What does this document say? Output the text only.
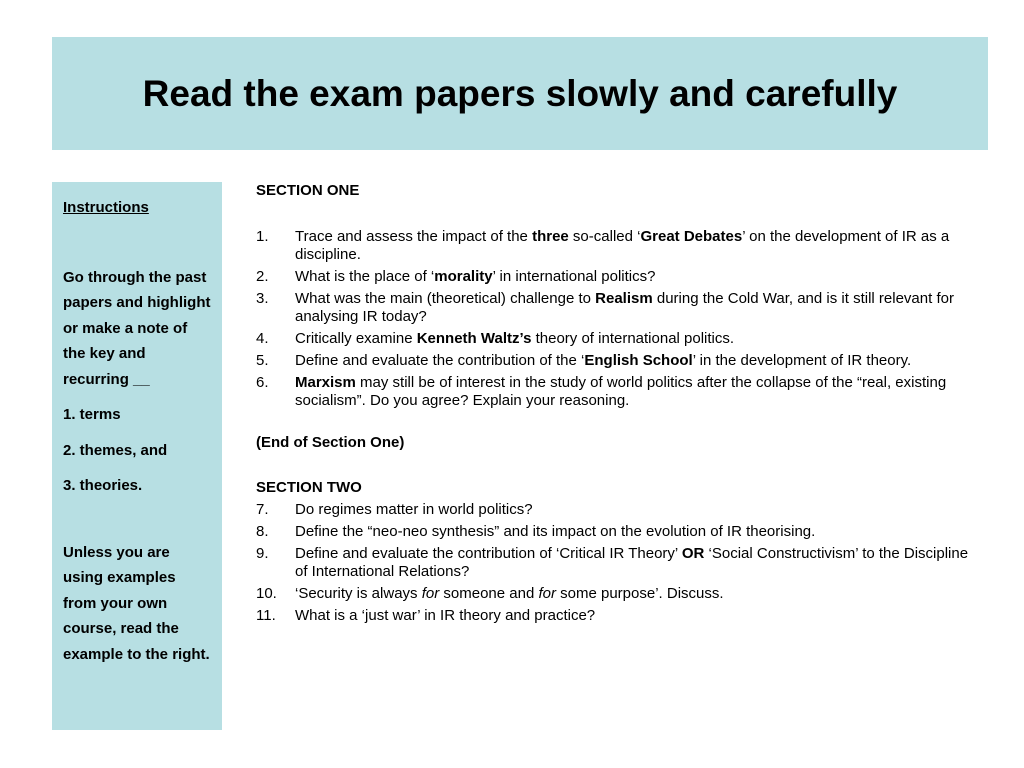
Read the exam papers slowly and carefully
Instructions
Go through the past papers and highlight or make a note of the key and recurring __
1. terms
2. themes, and
3. theories.
Unless you are using examples from your own course, read the example to the right.

SECTION ONE

1. Trace and assess the impact of the three so-called ‘Great Debates’ on the development of IR as a discipline.
2. What is the place of ‘morality’ in international politics?
3. What was the main (theoretical) challenge to Realism during the Cold War, and is it still relevant for analysing IR today?
4. Critically examine Kenneth Waltz’s theory of international politics.
5. Define and evaluate the contribution of the ‘English School’ in the development of IR theory.
6. Marxism may still be of interest in the study of world politics after the collapse of the “real, existing socialism”. Do you agree? Explain your reasoning.

(End of Section One)

SECTION TWO

7. Do regimes matter in world politics?
8. Define the “neo-neo synthesis” and its impact on the evolution of IR theorising.
9. Define and evaluate the contribution of ‘Critical IR Theory’ OR ‘Social Constructivism’ to the Discipline of International Relations?
10. ‘Security is always for someone and for some purpose’. Discuss.
11. What is a ‘just war’ in IR theory and practice?
